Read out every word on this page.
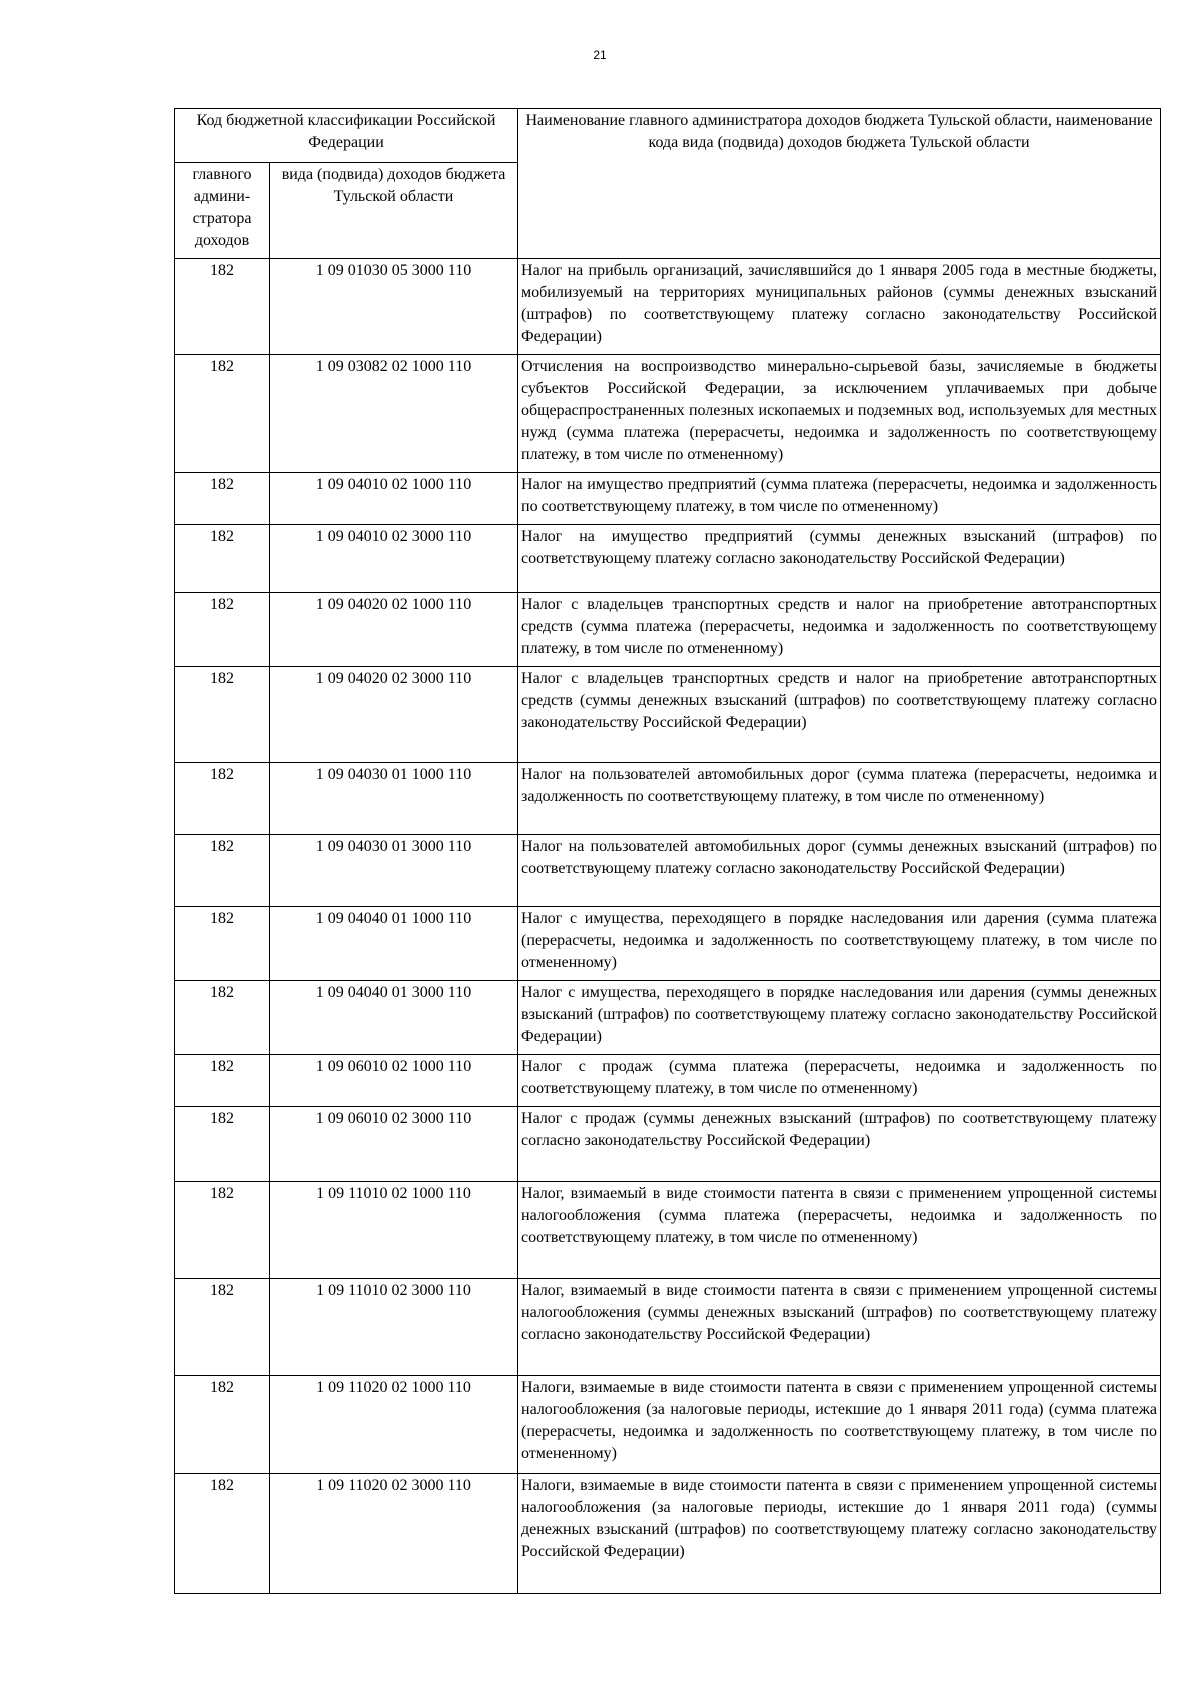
21
Код бюджетной классификации Российской Федерации		Наименование главного администратора доходов бюджета Тульской области, наименование кода вида (подвида) доходов бюджета Тульской области
главного админи-стратора доходов	вида (подвида) доходов бюджета Тульской области	
182	1 09 01030 05 3000 110	Налог на прибыль организаций, зачислявшийся до 1 января 2005 года в местные бюджеты, мобилизуемый на территориях муниципальных районов (суммы денежных взысканий (штрафов) по соответствующему платежу согласно законодательству Российской Федерации)
182	1 09 03082 02 1000 110	Отчисления на воспроизводство минерально-сырьевой базы, зачисляемые в бюджеты субъектов Российской Федерации, за исключением уплачиваемых при добыче общераспространенных полезных ископаемых и подземных вод, используемых для местных нужд (сумма платежа (перерасчеты, недоимка и задолженность по соответствующему платежу, в том числе по отмененному)
182	1 09 04010 02 1000 110	Налог на имущество предприятий (сумма платежа (перерасчеты, недоимка и задолженность по соответствующему платежу, в том числе по отмененному)
182	1 09 04010 02 3000 110	Налог на имущество предприятий (суммы денежных взысканий (штрафов) по соответствующему платежу согласно законодательству Российской Федерации)
182	1 09 04020 02 1000 110	Налог с владельцев транспортных средств и налог на приобретение автотранспортных средств (сумма платежа (перерасчеты, недоимка и задолженность по соответствующему платежу, в том числе по отмененному)
182	1 09 04020 02 3000 110	Налог с владельцев транспортных средств и налог на приобретение автотранспортных средств (суммы денежных взысканий (штрафов) по соответствующему платежу согласно законодательству Российской Федерации)
182	1 09 04030 01 1000 110	Налог на пользователей автомобильных дорог (сумма платежа (перерасчеты, недоимка и задолженность по соответствующему платежу, в том числе по отмененному)
182	1 09 04030 01 3000 110	Налог на пользователей автомобильных дорог (суммы денежных взысканий (штрафов) по соответствующему платежу согласно законодательству Российской Федерации)
182	1 09 04040 01 1000 110	Налог с имущества, переходящего в порядке наследования или дарения (сумма платежа (перерасчеты, недоимка и задолженность по соответствующему платежу, в том числе по отмененному)
182	1 09 04040 01 3000 110	Налог с имущества, переходящего в порядке наследования или дарения (суммы денежных взысканий (штрафов) по соответствующему платежу согласно законодательству Российской Федерации)
182	1 09 06010 02 1000 110	Налог с продаж (сумма платежа (перерасчеты, недоимка и задолженность по соответствующему платежу, в том числе по отмененному)
182	1 09 06010 02 3000 110	Налог с продаж (суммы денежных взысканий (штрафов) по соответствующему платежу согласно законодательству Российской Федерации)
182	1 09 11010 02 1000 110	Налог, взимаемый в виде стоимости патента в связи с применением упрощенной системы налогообложения (сумма платежа (перерасчеты, недоимка и задолженность по соответствующему платежу, в том числе по отмененному)
182	1 09 11010 02 3000 110	Налог, взимаемый в виде стоимости патента в связи с применением упрощенной системы налогообложения (суммы денежных взысканий (штрафов) по соответствующему платежу согласно законодательству Российской Федерации)
182	1 09 11020 02 1000 110	Налоги, взимаемые в виде стоимости патента в связи с применением упрощенной системы налогообложения (за налоговые периоды, истекшие до 1 января 2011 года) (сумма платежа (перерасчеты, недоимка и задолженность по соответствующему платежу, в том числе по отмененному)
182	1 09 11020 02 3000 110	Налоги, взимаемые в виде стоимости патента в связи с применением упрощенной системы налогообложения (за налоговые периоды, истекшие до 1 января 2011 года) (суммы денежных взысканий (штрафов) по соответствующему платежу согласно законодательству Российской Федерации)
